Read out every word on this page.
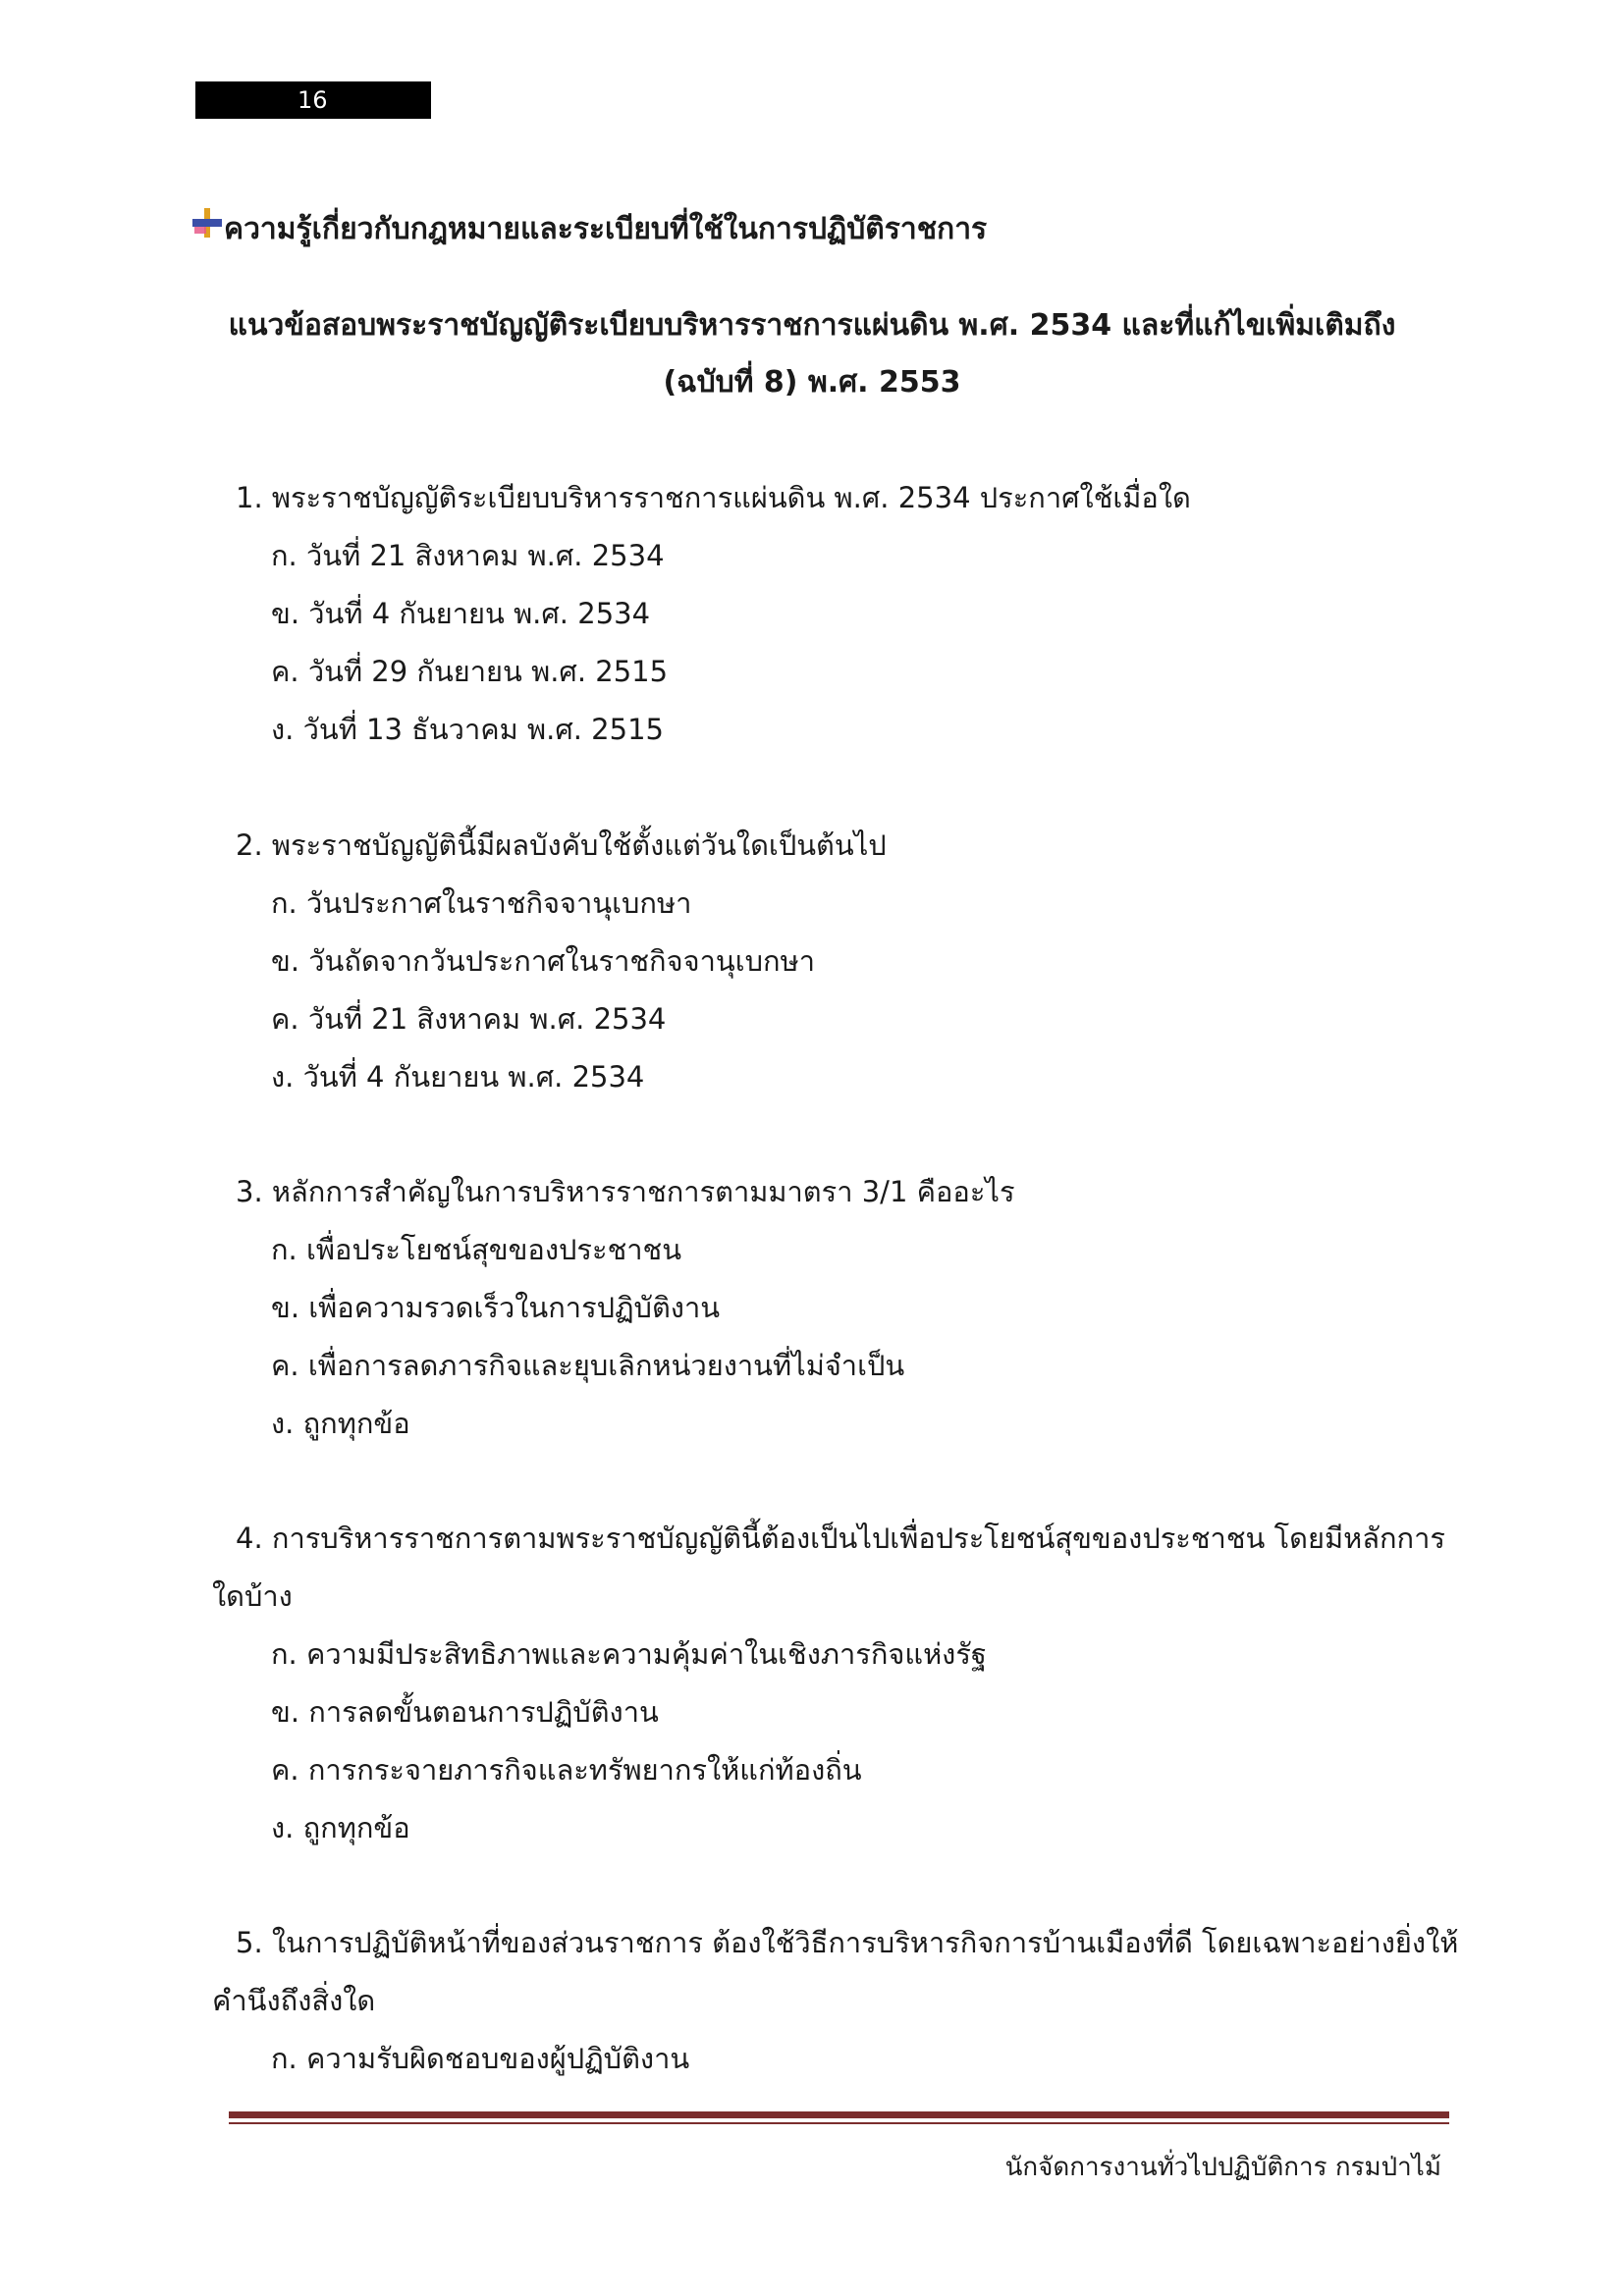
16
ความรู้เกี่ยวกับกฎหมายและระเบียบที่ใช้ในการปฏิบัติราชการ
แนวข้อสอบพระราชบัญญัติระเบียบบริหารราชการแผ่นดิน พ.ศ. 2534 และที่แก้ไขเพิ่มเติมถึง
(ฉบับที่ 8) พ.ศ. 2553
1. พระราชบัญญัติระเบียบบริหารราชการแผ่นดิน พ.ศ. 2534 ประกาศใช้เมื่อใด
ก. วันที่ 21 สิงหาคม พ.ศ. 2534
ข. วันที่ 4 กันยายน พ.ศ. 2534
ค. วันที่ 29 กันยายน พ.ศ. 2515
ง. วันที่ 13 ธันวาคม พ.ศ. 2515
2. พระราชบัญญัตินี้มีผลบังคับใช้ตั้งแต่วันใดเป็นต้นไป
ก. วันประกาศในราชกิจจานุเบกษา
ข. วันถัดจากวันประกาศในราชกิจจานุเบกษา
ค. วันที่ 21 สิงหาคม พ.ศ. 2534
ง. วันที่ 4 กันยายน พ.ศ. 2534
3. หลักการสำคัญในการบริหารราชการตามมาตรา 3/1 คืออะไร
ก. เพื่อประโยชน์สุขของประชาชน
ข. เพื่อความรวดเร็วในการปฏิบัติงาน
ค. เพื่อการลดภารกิจและยุบเลิกหน่วยงานที่ไม่จำเป็น
ง. ถูกทุกข้อ
4. การบริหารราชการตามพระราชบัญญัตินี้ต้องเป็นไปเพื่อประโยชน์สุขของประชาชน โดยมีหลักการ
ใดบ้าง
ก. ความมีประสิทธิภาพและความคุ้มค่าในเชิงภารกิจแห่งรัฐ
ข. การลดขั้นตอนการปฏิบัติงาน
ค. การกระจายภารกิจและทรัพยากรให้แก่ท้องถิ่น
ง. ถูกทุกข้อ
5. ในการปฏิบัติหน้าที่ของส่วนราชการ ต้องใช้วิธีการบริหารกิจการบ้านเมืองที่ดี โดยเฉพาะอย่างยิ่งให้
คำนึงถึงสิ่งใด
ก. ความรับผิดชอบของผู้ปฏิบัติงาน
นักจัดการงานทั่วไปปฏิบัติการ กรมป่าไม้
